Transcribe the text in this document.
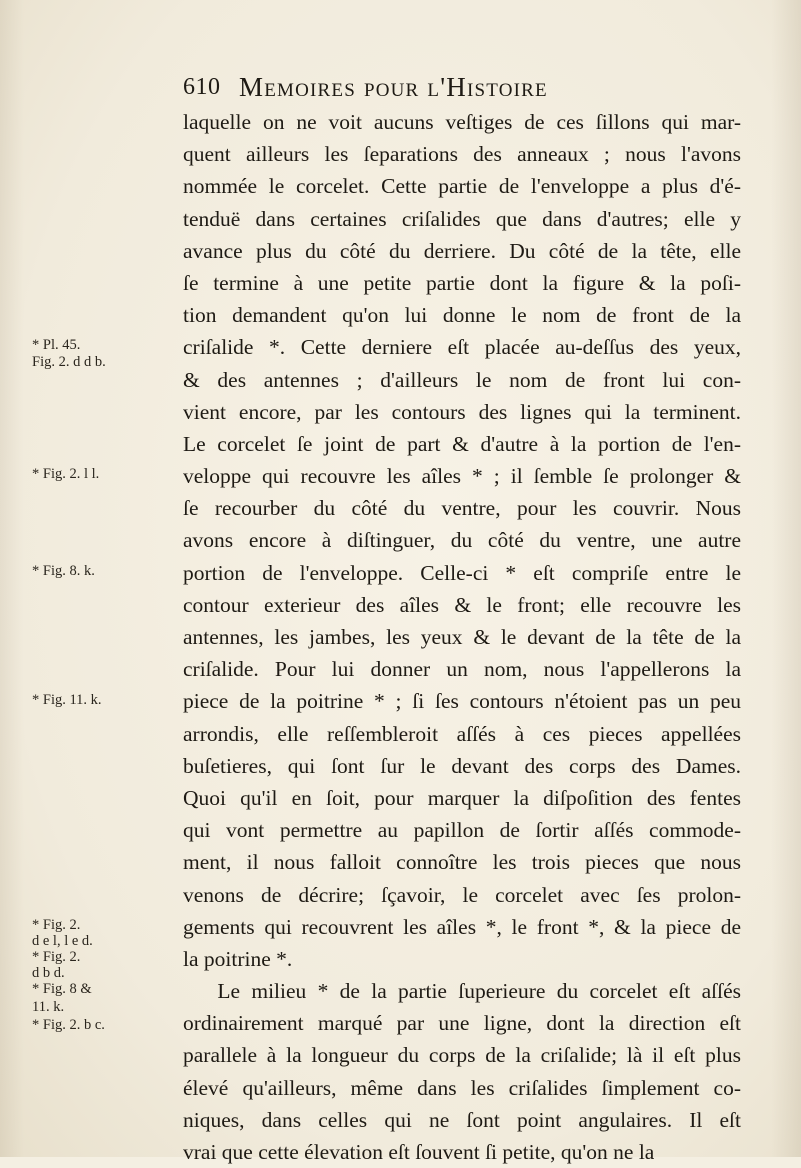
610 Memoires pour l'Histoire
* Pl. 45.
Fig. 2. d d b.
* Fig. 2. l l.
* Fig. 8. k.
* Fig. 11. k.
* Fig. 2.
d e l, l e d.
* Fig. 2.
d b d.
* Fig. 8 &
11. k.
* Fig. 2. b c.
laquelle on ne voit aucuns veſtiges de ces ſillons qui mar-
quent ailleurs les ſeparations des anneaux ; nous l'avons
nommée le corcelet. Cette partie de l'enveloppe a plus d'é-
tenduë dans certaines criſalides que dans d'autres; elle y
avance plus du côté du derriere. Du côté de la tête, elle
ſe termine à une petite partie dont la figure & la poſi-
tion demandent qu'on lui donne le nom de front de la
criſalide *. Cette derniere eſt placée au-deſſus des yeux,
& des antennes ; d'ailleurs le nom de front lui con-
vient encore, par les contours des lignes qui la terminent.
Le corcelet ſe joint de part & d'autre à la portion de l'en-
veloppe qui recouvre les aîles * ; il ſemble ſe prolonger &
ſe recourber du côté du ventre, pour les couvrir. Nous
avons encore à diſtinguer, du côté du ventre, une autre
portion de l'enveloppe. Celle-ci * eſt compriſe entre le
contour exterieur des aîles & le front; elle recouvre les
antennes, les jambes, les yeux & le devant de la tête de la
criſalide. Pour lui donner un nom, nous l'appellerons la
piece de la poitrine * ; ſi ſes contours n'étoient pas un peu
arrondis, elle reſſembleroit aſſés à ces pieces appellées
buſetieres, qui ſont ſur le devant des corps des Dames.
Quoi qu'il en ſoit, pour marquer la diſpoſition des fentes
qui vont permettre au papillon de ſortir aſſés commode-
ment, il nous falloit connoître les trois pieces que nous
venons de décrire; ſçavoir, le corcelet avec ſes prolon-
gements qui recouvrent les aîles *, le front *, & la piece de
la poitrine *.
Le milieu * de la partie ſuperieure du corcelet eſt aſſés
ordinairement marqué par une ligne, dont la direction eſt
parallele à la longueur du corps de la criſalide; là il eſt plus
élevé qu'ailleurs, même dans les criſalides ſimplement co-
niques, dans celles qui ne ſont point angulaires. Il eſt
vrai que cette élevation eſt ſouvent ſi petite, qu'on ne la
